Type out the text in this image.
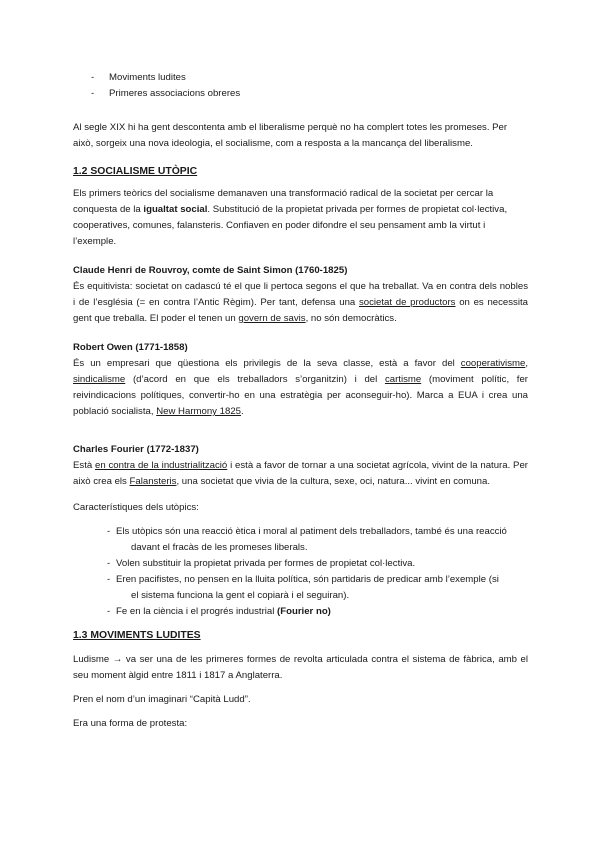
- Moviments ludites
- Primeres associacions obreres

Al segle XIX hi ha gent descontenta amb el liberalisme perquè no ha complert totes les promeses. Per això, sorgeix una nova ideologia, el socialisme, com a resposta a la mancança del liberalisme.

1.2 SOCIALISME UTÒPIC

Els primers teòrics del socialisme demanaven una transformació radical de la societat per cercar la conquesta de la igualtat social. Substitució de la propietat privada per formes de propietat col·lectiva, cooperatives, comunes, falansteris. Confiaven en poder difondre el seu pensament amb la virtut i l’exemple.

Claude Henri de Rouvroy, comte de Saint Simon (1760-1825)

És equitivista: societat on cadascú té el que li pertoca segons el que ha treballat. Va en contra dels nobles i de l’església (= en contra l’Antic Règim). Per tant, defensa una societat de productors on es necessita gent que treballa. El poder el tenen un govern de savis, no són democràtics.

Robert Owen (1771-1858)

És un empresari que qüestiona els privilegis de la seva classe, està a favor del cooperativisme, sindicalisme (d’acord en que els treballadors s’organitzin) i del cartisme (moviment polític, fer reivindicacions polítiques, convertir-ho en una estratègia per aconseguir-ho). Marca a EUA i crea una població socialista, New Harmony 1825.

Charles Fourier (1772-1837)

Està en contra de la industrialització i està a favor de tornar a una societat agrícola, vivint de la natura. Per això crea els Falansteris, una societat que vivia de la cultura, sexe, oci, natura... vivint en comuna.

Característiques dels utòpics:

- Els utòpics són una reacció ètica i moral al patiment dels treballadors, també és una reacció
davant el fracàs de les promeses liberals.
- Volen substituir la propietat privada per formes de propietat col·lectiva.
- Eren pacifistes, no pensen en la lluita política, són partidaris de predicar amb l’exemple (si
el sistema funciona la gent el copiarà i el seguiran).
- Fe en la ciència i el progrés industrial (Fourier no)
1.3 MOVIMENTS LUDITES

Ludisme → va ser una de les primeres formes de revolta articulada contra el sistema de fàbrica, amb el seu moment àlgid entre 1811 i 1817 a Anglaterra.

Pren el nom d’un imaginari “Capità Ludd”.

Era una forma de protesta:
